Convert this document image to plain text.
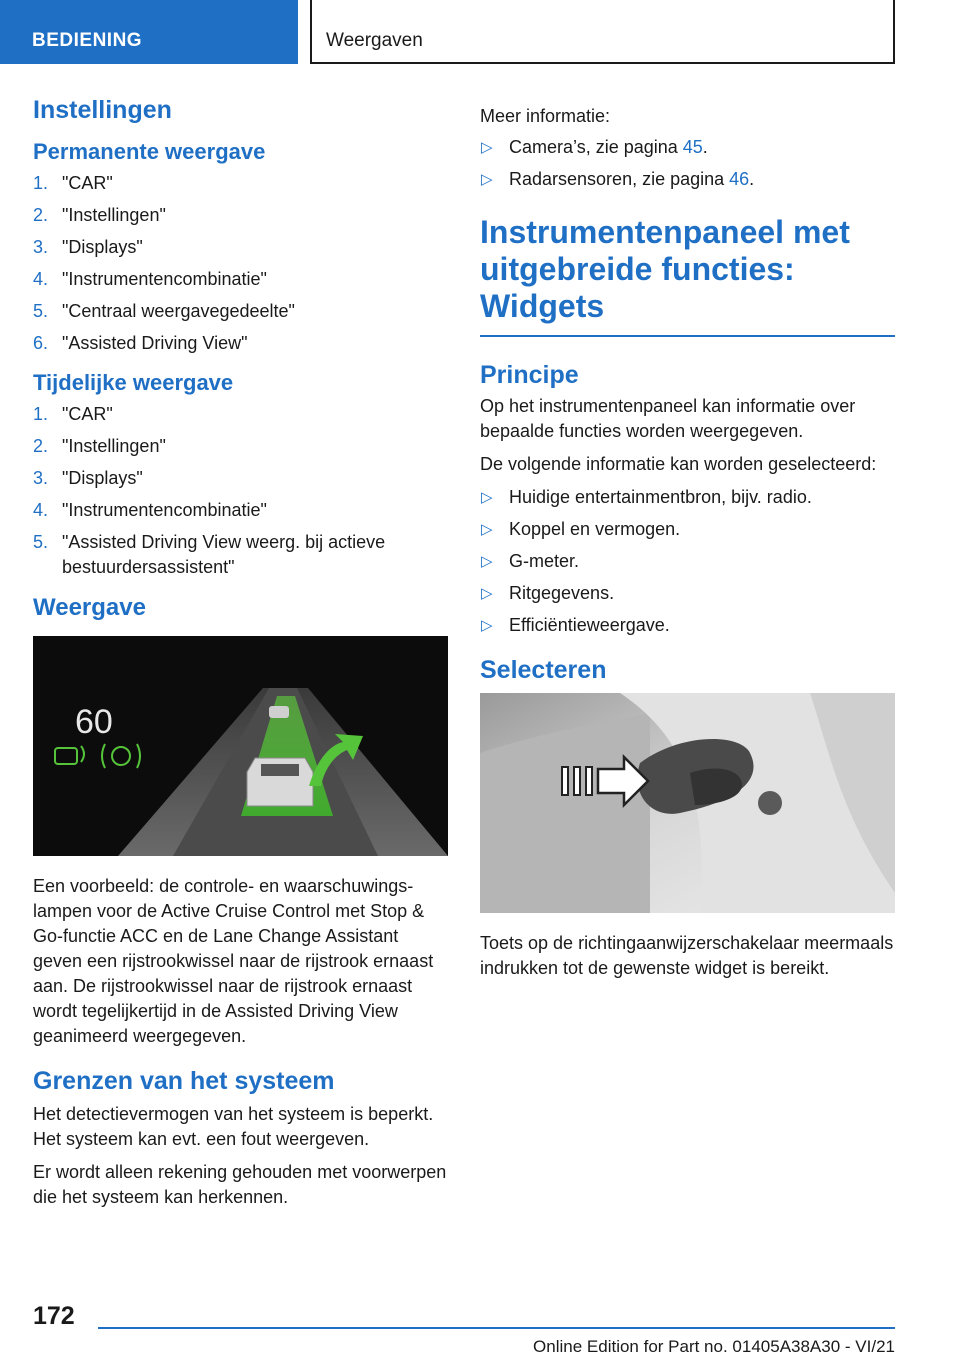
BEDIENING	Weergaven
Instellingen
Permanente weergave
1. "CAR"
2. "Instellingen"
3. "Displays"
4. "Instrumentencombinatie"
5. "Centraal weergavegedeelte"
6. "Assisted Driving View"
Tijdelijke weergave
1. "CAR"
2. "Instellingen"
3. "Displays"
4. "Instrumentencombinatie"
5. "Assisted Driving View weerg. bij actieve bestuurdersassistent"
Weergave
60

Een voorbeeld: de controle- en waarschuwingslampen voor de Active Cruise Control met Stop & Go-functie ACC en de Lane Change Assistant geven een rijstrookwissel naar de rijstrook ernaast aan. De rijstrookwissel naar de rijstrook ernaast wordt tegelijkertijd in de Assisted Driving View geanimeerd weergegeven.

Grenzen van het systeem

Het detectievermogen van het systeem is beperkt. Het systeem kan evt. een fout weergeven.

Er wordt alleen rekening gehouden met voorwerpen die het systeem kan herkennen.

Meer informatie:

▷ Camera’s, zie pagina 45.
▷ Radarsensoren, zie pagina 46.
Instrumentenpaneel met uitgebreide functies: Widgets
Principe

Op het instrumentenpaneel kan informatie over bepaalde functies worden weergegeven.

De volgende informatie kan worden geselecteerd:

▷ Huidige entertainmentbron, bijv. radio.
▷ Koppel en vermogen.
▷ G-meter.
▷ Ritgegevens.
▷ Efficiëntieweergave.
Selecteren

Toets op de richtingaanwijzerschakelaar meermaals indrukken tot de gewenste widget is bereikt.

172
Online Edition for Part no. 01405A38A30 - VI/21
